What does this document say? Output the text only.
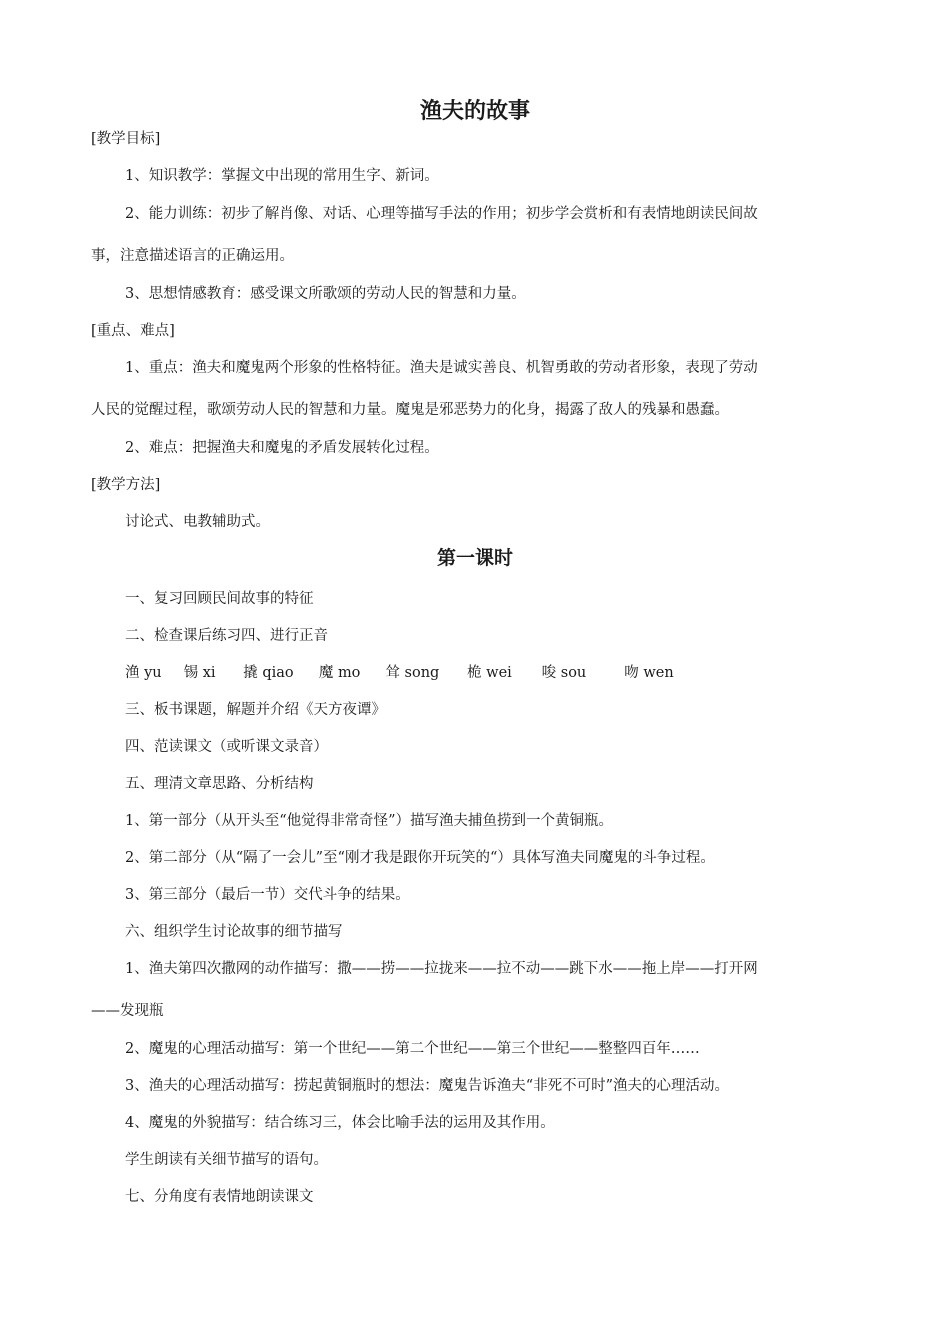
渔夫的故事
[教学目标]
1、知识教学：掌握文中出现的常用生字、新词。
2、能力训练：初步了解肖像、对话、心理等描写手法的作用；初步学会赏析和有表情地朗读民间故
事，注意描述语言的正确运用。
3、思想情感教育：感受课文所歌颂的劳动人民的智慧和力量。
[重点、难点]
1、重点：渔夫和魔鬼两个形象的性格特征。渔夫是诚实善良、机智勇敢的劳动者形象，表现了劳动
人民的觉醒过程，歌颂劳动人民的智慧和力量。魔鬼是邪恶势力的化身，揭露了敌人的残暴和愚蠢。
2、难点：把握渔夫和魔鬼的矛盾发展转化过程。
[教学方法]
讨论式、电教辅助式。
第一课时
一、复习回顾民间故事的特征
二、检查课后练习四、进行正音
渔 yu 锡 xi 撬 qiao 魔 mo 耸 song 桅 wei 唆 sou	吻 wen
三、板书课题，解题并介绍《天方夜谭》
四、范读课文（或听课文录音）
五、理清文章思路、分析结构
1、第一部分（从开头至“他觉得非常奇怪”）描写渔夫捕鱼捞到一个黄铜瓶。
2、第二部分（从“隔了一会儿”至“刚才我是跟你开玩笑的“）具体写渔夫同魔鬼的斗争过程。
3、第三部分（最后一节）交代斗争的结果。
六、组织学生讨论故事的细节描写
1、渔夫第四次撒网的动作描写：撒——捞——拉拢来——拉不动——跳下水——拖上岸——打开网
——发现瓶
2、魔鬼的心理活动描写：第一个世纪——第二个世纪——第三个世纪——整整四百年……
3、渔夫的心理活动描写：捞起黄铜瓶时的想法：魔鬼告诉渔夫“非死不可时”渔夫的心理活动。
4、魔鬼的外貌描写：结合练习三，体会比喻手法的运用及其作用。
学生朗读有关细节描写的语句。
七、分角度有表情地朗读课文
